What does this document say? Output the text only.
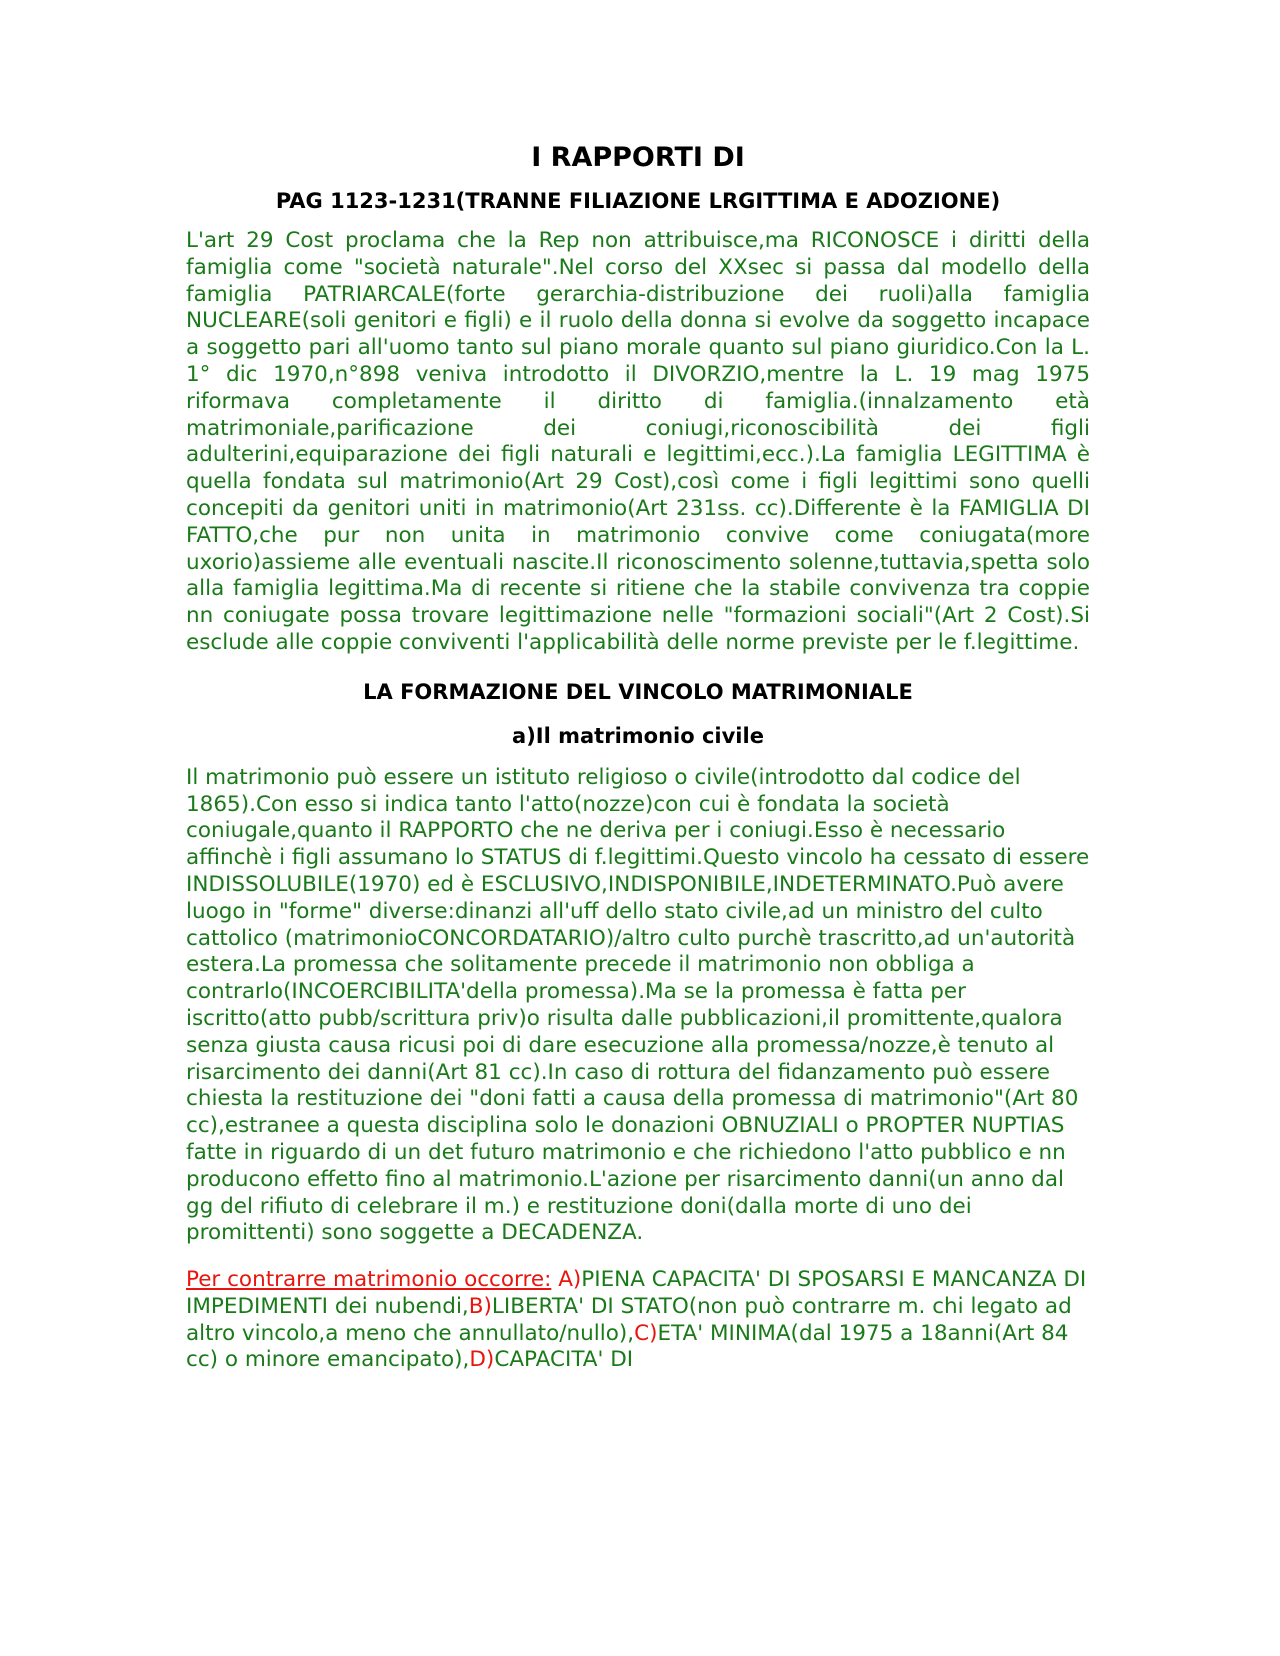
I RAPPORTI DI
PAG 1123-1231(TRANNE FILIAZIONE LRGITTIMA E ADOZIONE)

L'art 29 Cost proclama che la Rep non attribuisce,ma RICONOSCE i diritti della famiglia come "società naturale".Nel corso del XXsec si passa dal modello della famiglia PATRIARCALE(forte gerarchia-distribuzione dei ruoli)alla famiglia NUCLEARE(soli genitori e figli) e il ruolo della donna si evolve da soggetto incapace a soggetto pari all'uomo tanto sul piano morale quanto sul piano giuridico.Con la L. 1° dic 1970,n°898 veniva introdotto il DIVORZIO,mentre la L. 19 mag 1975 riformava completamente il diritto di famiglia.(innalzamento età matrimoniale,parificazione dei coniugi,riconoscibilità dei figli adulterini,equiparazione dei figli naturali e legittimi,ecc.).La famiglia LEGITTIMA è quella fondata sul matrimonio(Art 29 Cost),così come i figli legittimi sono quelli concepiti da genitori uniti in matrimonio(Art 231ss. cc).Differente è la FAMIGLIA DI FATTO,che pur non unita in matrimonio convive come coniugata(more uxorio)assieme alle eventuali nascite.Il riconoscimento solenne,tuttavia,spetta solo alla famiglia legittima.Ma di recente si ritiene che la stabile convivenza tra coppie nn coniugate possa trovare legittimazione nelle "formazioni sociali"(Art 2 Cost).Si esclude alle coppie conviventi l'applicabilità delle norme previste per le f.legittime.

LA FORMAZIONE DEL VINCOLO MATRIMONIALE
a)Il matrimonio civile

Il matrimonio può essere un istituto religioso o civile(introdotto dal codice del 1865).Con esso si indica tanto l'atto(nozze)con cui è fondata la società coniugale,quanto il RAPPORTO che ne deriva per i coniugi.Esso è necessario affinchè i figli assumano lo STATUS di f.legittimi.Questo vincolo ha cessato di essere INDISSOLUBILE(1970) ed è ESCLUSIVO,INDISPONIBILE,INDETERMINATO.Può avere luogo in "forme" diverse:dinanzi all'uff dello stato civile,ad un ministro del culto cattolico (matrimonioCONCORDATARIO)/altro culto purchè trascritto,ad un'autorità estera.La promessa che solitamente precede il matrimonio non obbliga a contrarlo(INCOERCIBILITA'della promessa).Ma se la promessa è fatta per iscritto(atto pubb/scrittura priv)o risulta dalle pubblicazioni,il promittente,qualora senza giusta causa ricusi poi di dare esecuzione alla promessa/nozze,è tenuto al risarcimento dei danni(Art 81 cc).In caso di rottura del fidanzamento può essere chiesta la restituzione dei "doni fatti a causa della promessa di matrimonio"(Art 80 cc),estranee a questa disciplina solo le donazioni OBNUZIALI o PROPTER NUPTIAS fatte in riguardo di un det futuro matrimonio e che richiedono l'atto pubblico e nn producono effetto fino al matrimonio.L'azione per risarcimento danni(un anno dal gg del rifiuto di celebrare il m.) e restituzione doni(dalla morte di uno dei promittenti) sono soggette a DECADENZA.

Per contrarre matrimonio occorre: A)PIENA CAPACITA' DI SPOSARSI E MANCANZA DI IMPEDIMENTI dei nubendi,B)LIBERTA' DI STATO(non può contrarre m. chi legato ad altro vincolo,a meno che annullato/nullo),C)ETA' MINIMA(dal 1975 a 18anni(Art 84 cc) o minore emancipato),D)CAPACITA' DI
